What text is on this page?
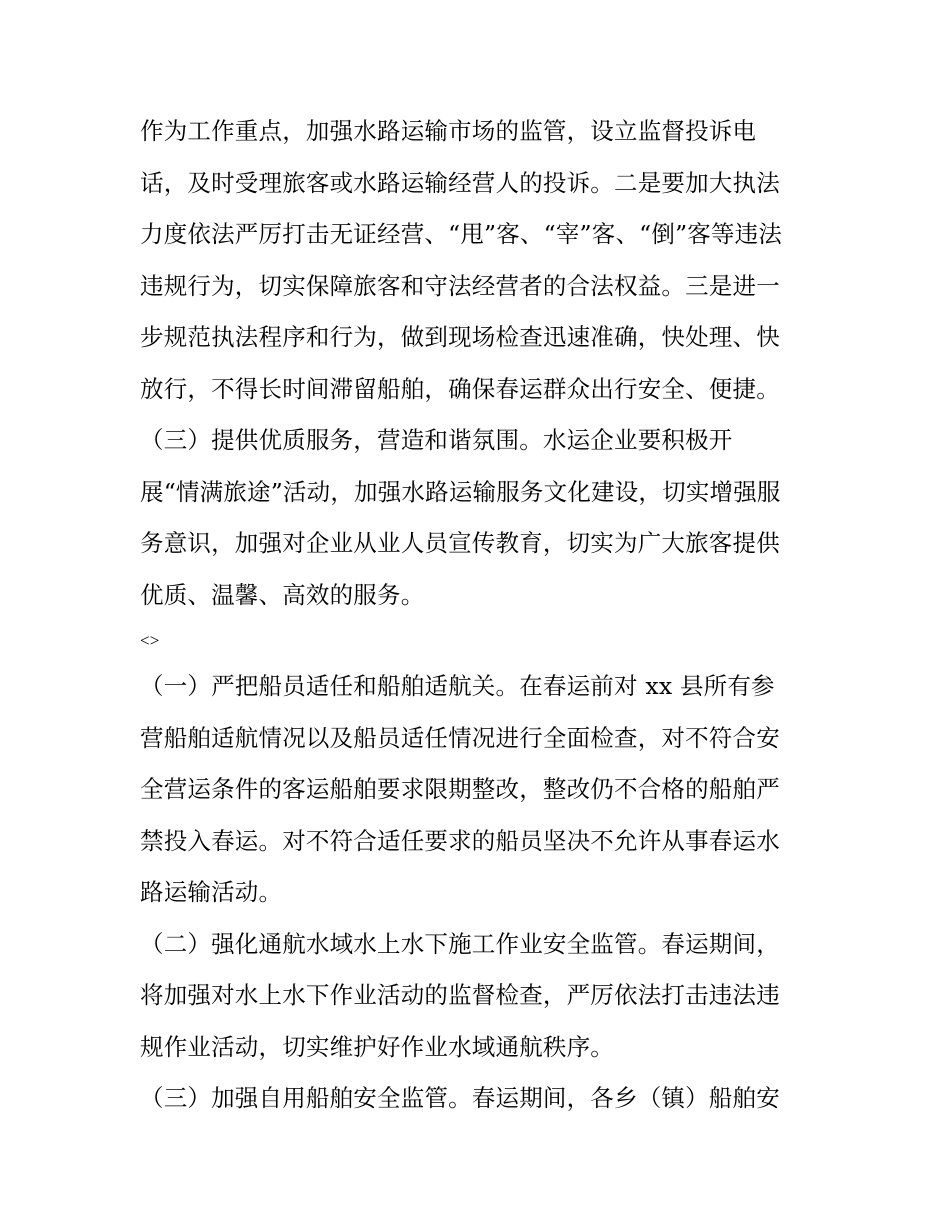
作为工作重点，加强水路运输市场的监管，设立监督投诉电
话，及时受理旅客或水路运输经营人的投诉。二是要加大执法
力度依法严厉打击无证经营、“甩”客、“宰”客、“倒”客等违法
违规行为，切实保障旅客和守法经营者的合法权益。三是进一
步规范执法程序和行为，做到现场检查迅速准确，快处理、快
放行，不得长时间滞留船舶，确保春运群众出行安全、便捷。
（三）提供优质服务，营造和谐氛围。水运企业要积极开
展“情满旅途”活动，加强水路运输服务文化建设，切实增强服
务意识，加强对企业从业人员宣传教育，切实为广大旅客提供
优质、温馨、高效的服务。
<>
（一）严把船员适任和船舶适航关。在春运前对 xx 县所有参
营船舶适航情况以及船员适任情况进行全面检查，对不符合安
全营运条件的客运船舶要求限期整改，整改仍不合格的船舶严
禁投入春运。对不符合适任要求的船员坚决不允许从事春运水
路运输活动。
（二）强化通航水域水上水下施工作业安全监管。春运期间，
将加强对水上水下作业活动的监督检查，严厉依法打击违法违
规作业活动，切实维护好作业水域通航秩序。
（三）加强自用船舶安全监管。春运期间，各乡（镇）船舶安
